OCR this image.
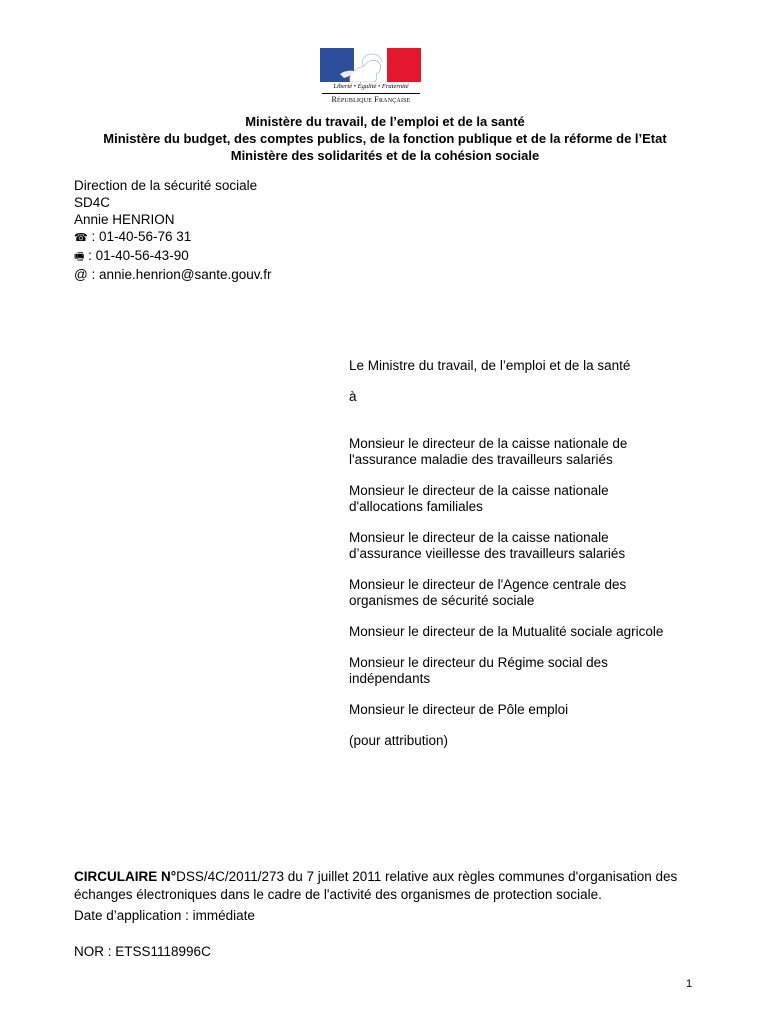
Liberté • Égalité • Fraternité
République Française
Ministère du travail, de l’emploi et de la santé
Ministère du budget, des comptes publics, de la fonction publique et de la réforme de l’Etat
Ministère des solidarités et de la cohésion sociale
Direction de la sécurité sociale
SD4C
Annie HENRION
☎ : 01-40-56-76 31
🖷 : 01-40-56-43-90
@ : annie.henrion@sante.gouv.fr

Le Ministre du travail, de l’emploi et de la santé

à

Monsieur le directeur de la caisse nationale de
l'assurance maladie des travailleurs salariés

Monsieur le directeur de la caisse nationale
d'allocations familiales

Monsieur le directeur de la caisse nationale
d’assurance vieillesse des travailleurs salariés

Monsieur le directeur de l'Agence centrale des
organismes de sécurité sociale

Monsieur le directeur de la Mutualité sociale agricole

Monsieur le directeur du Régime social des
indépendants

Monsieur le directeur de Pôle emploi

(pour attribution)

CIRCULAIRE N°DSS/4C/2011/273 du 7 juillet 2011 relative aux règles communes d'organisation des échanges électroniques dans le cadre de l'activité des organismes de protection sociale.

Date d’application : immédiate

NOR : ETSS1118996C

1
